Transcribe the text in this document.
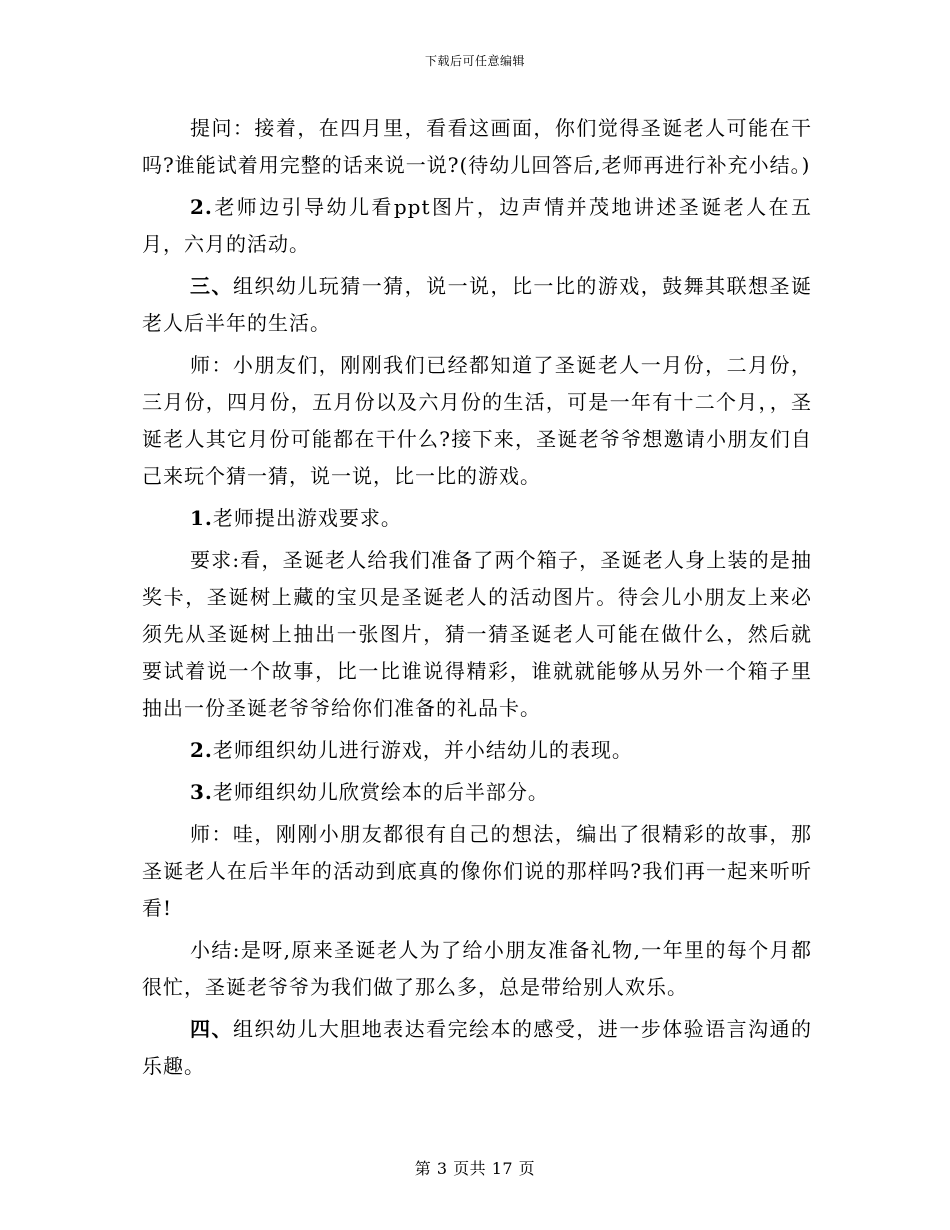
下载后可任意编辑

提问：接着，在四月里，看看这画面，你们觉得圣诞老人可能在干吗?谁能试着用完整的话来说一说?(待幼儿回答后,老师再进行补充小结。)

2.老师边引导幼儿看ppt图片，边声情并茂地讲述圣诞老人在五月，六月的活动。

三、组织幼儿玩猜一猜，说一说，比一比的游戏，鼓舞其联想圣诞老人后半年的生活。

师：小朋友们，刚刚我们已经都知道了圣诞老人一月份，二月份，三月份，四月份，五月份以及六月份的生活，可是一年有十二个月，，圣诞老人其它月份可能都在干什么?接下来，圣诞老爷爷想邀请小朋友们自己来玩个猜一猜，说一说，比一比的游戏。

1.老师提出游戏要求。

要求:看，圣诞老人给我们准备了两个箱子，圣诞老人身上装的是抽奖卡，圣诞树上藏的宝贝是圣诞老人的活动图片。待会儿小朋友上来必须先从圣诞树上抽出一张图片，猜一猜圣诞老人可能在做什么，然后就要试着说一个故事，比一比谁说得精彩，谁就就能够从另外一个箱子里抽出一份圣诞老爷爷给你们准备的礼品卡。

2.老师组织幼儿进行游戏，并小结幼儿的表现。

3.老师组织幼儿欣赏绘本的后半部分。

师：哇，刚刚小朋友都很有自己的想法，编出了很精彩的故事，那圣诞老人在后半年的活动到底真的像你们说的那样吗?我们再一起来听听看!

小结:是呀,原来圣诞老人为了给小朋友准备礼物,一年里的每个月都很忙，圣诞老爷爷为我们做了那么多，总是带给别人欢乐。

四、组织幼儿大胆地表达看完绘本的感受，进一步体验语言沟通的乐趣。

第 3 页共 17 页
